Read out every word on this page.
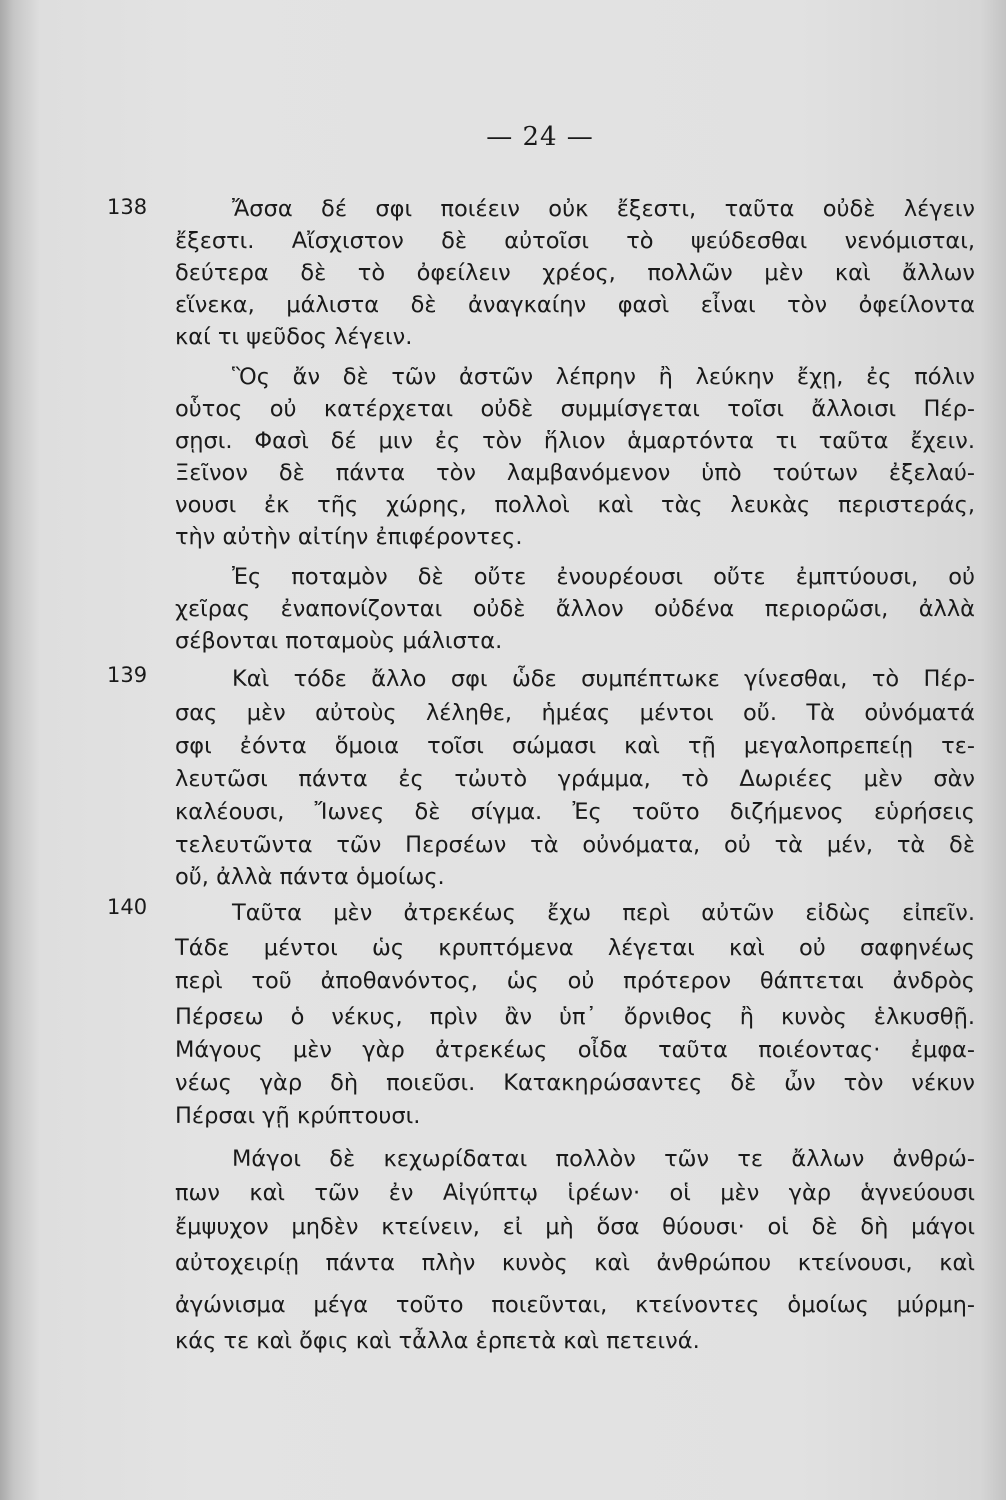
— 24 —
138
139
140
Ἄσσα δέ σφι ποιέειν οὐκ ἔξεστι, ταῦτα οὐδὲ λέγειν
ἔξεστι. Αἴσχιστον δὲ αὐτοῖσι τὸ ψεύδεσθαι νενόμισται,
δεύτερα δὲ τὸ ὀφείλειν χρέος, πολλῶν μὲν καὶ ἄλλων
εἵνεκα, μάλιστα δὲ ἀναγκαίην φασὶ εἶναι τὸν ὀφείλοντα
καί τι ψεῦδος λέγειν.
Ὃς ἄν δὲ τῶν ἀστῶν λέπρην ἢ λεύκην ἔχῃ, ἐς πόλιν
οὗτος οὐ κατέρχεται οὐδὲ συμμίσγεται τοῖσι ἄλλοισι Πέρ-
σῃσι. Φασὶ δέ μιν ἐς τὸν ἥλιον ἁμαρτόντα τι ταῦτα ἔχειν.
Ξεῖνον δὲ πάντα τὸν λαμβανόμενον ὑπὸ τούτων ἐξελαύ-
νουσι ἐκ τῆς χώρης, πολλοὶ καὶ τὰς λευκὰς περιστεράς,
τὴν αὐτὴν αἰτίην ἐπιφέροντες.
Ἐς ποταμὸν δὲ οὔτε ἐνουρέουσι οὔτε ἐμπτύουσι, οὐ
χεῖρας ἐναπονίζονται οὐδὲ ἄλλον οὐδένα περιορῶσι, ἀλλὰ
σέβονται ποταμοὺς μάλιστα.
Καὶ τόδε ἄλλο σφι ὧδε συμπέπτωκε γίνεσθαι, τὸ Πέρ-
σας μὲν αὐτοὺς λέληθε, ἡμέας μέντοι οὔ. Τὰ οὐνόματά
σφι ἐόντα ὅμοια τοῖσι σώμασι καὶ τῇ μεγαλοπρεπείῃ τε-
λευτῶσι πάντα ἐς τὠυτὸ γράμμα, τὸ Δωριέες μὲν σὰν
καλέουσι, Ἴωνες δὲ σίγμα. Ἐς τοῦτο διζήμενος εὑρήσεις
τελευτῶντα τῶν Περσέων τὰ οὐνόματα, οὐ τὰ μέν, τὰ δὲ
οὔ, ἀλλὰ πάντα ὁμοίως.
Ταῦτα μὲν ἀτρεκέως ἔχω περὶ αὐτῶν εἰδὼς εἰπεῖν.
Τάδε μέντοι ὡς κρυπτόμενα λέγεται καὶ οὐ σαφηνέως
περὶ τοῦ ἀποθανόντος, ὡς οὐ πρότερον θάπτεται ἀνδρὸς
Πέρσεω ὁ νέκυς, πρὶν ἂν ὑπ᾽ ὄρνιθος ἢ κυνὸς ἑλκυσθῇ.
Μάγους μὲν γὰρ ἀτρεκέως οἶδα ταῦτα ποιέοντας· ἐμφα-
νέως γὰρ δὴ ποιεῦσι. Κατακηρώσαντες δὲ ὦν τὸν νέκυν
Πέρσαι γῇ κρύπτουσι.
Μάγοι δὲ κεχωρίδαται πολλὸν τῶν τε ἄλλων ἀνθρώ-
πων καὶ τῶν ἐν Αἰγύπτῳ ἱρέων· οἱ μὲν γὰρ ἁγνεύουσι
ἔμψυχον μηδὲν κτείνειν, εἰ μὴ ὅσα θύουσι· οἱ δὲ δὴ μάγοι
αὐτοχειρίῃ πάντα πλὴν κυνὸς καὶ ἀνθρώπου κτείνουσι, καὶ
ἀγώνισμα μέγα τοῦτο ποιεῦνται, κτείνοντες ὁμοίως μύρμη-
κάς τε καὶ ὄφις καὶ τἆλλα ἑρπετὰ καὶ πετεινά.
